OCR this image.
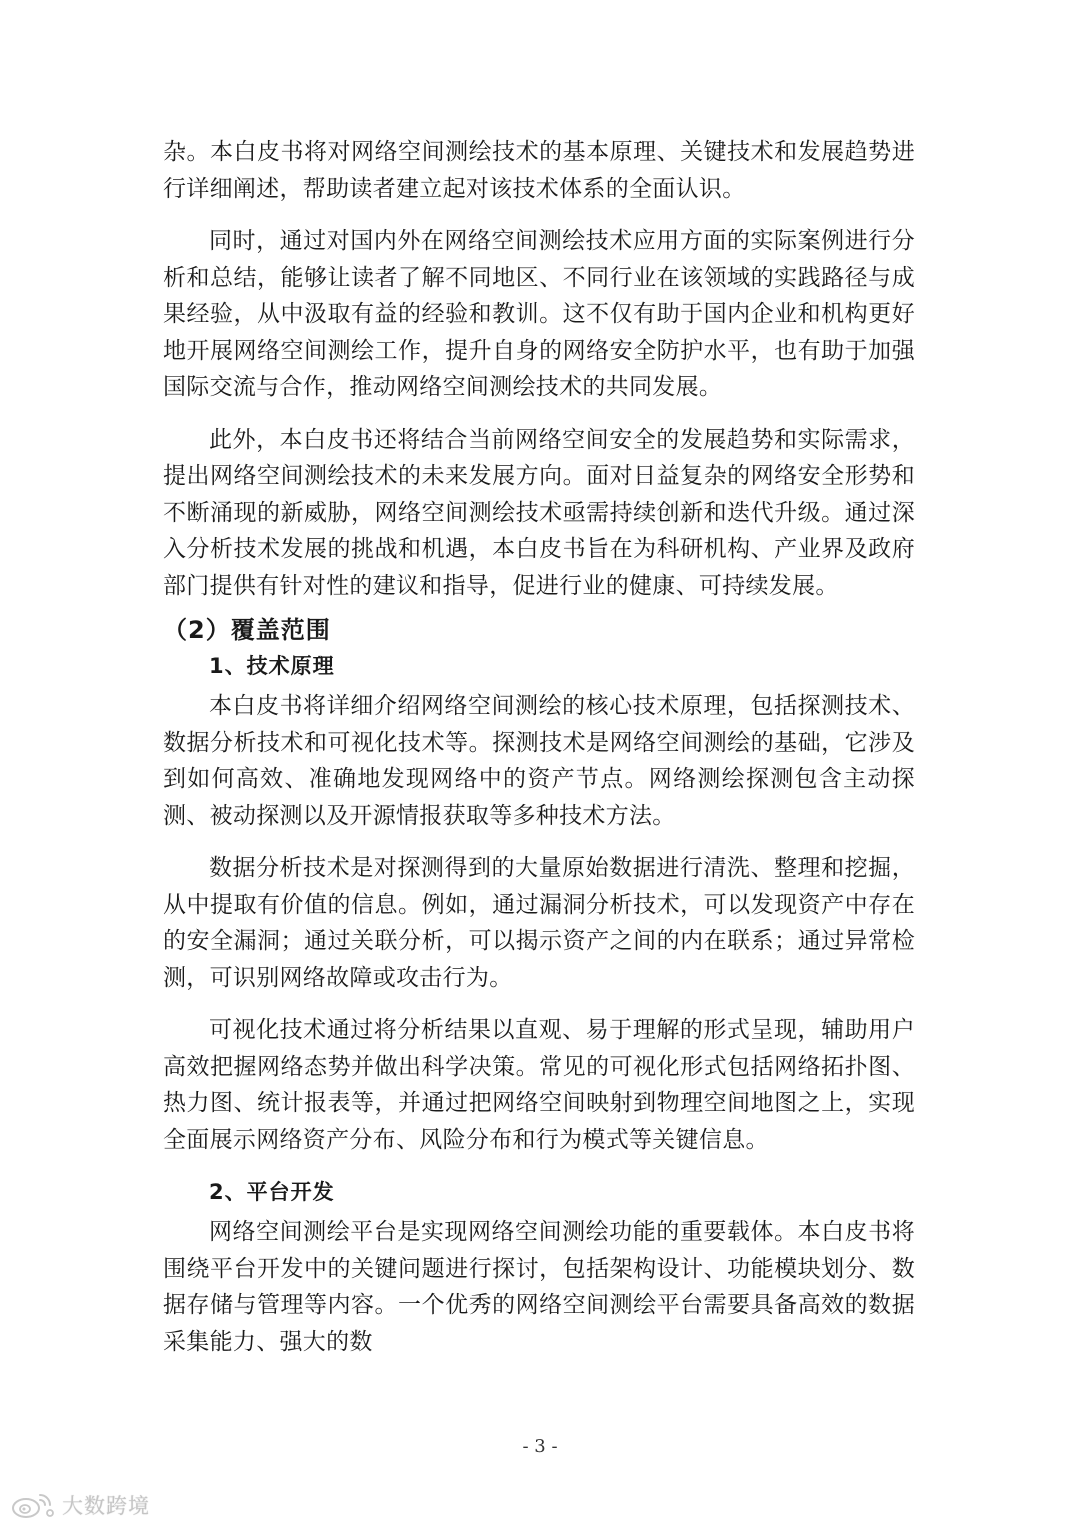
杂。本白皮书将对网络空间测绘技术的基本原理、关键技术和发展趋势进行详细阐述，帮助读者建立起对该技术体系的全面认识。

同时，通过对国内外在网络空间测绘技术应用方面的实际案例进行分析和总结，能够让读者了解不同地区、不同行业在该领域的实践路径与成果经验，从中汲取有益的经验和教训。这不仅有助于国内企业和机构更好地开展网络空间测绘工作，提升自身的网络安全防护水平，也有助于加强国际交流与合作，推动网络空间测绘技术的共同发展。

此外，本白皮书还将结合当前网络空间安全的发展趋势和实际需求，提出网络空间测绘技术的未来发展方向。面对日益复杂的网络安全形势和不断涌现的新威胁，网络空间测绘技术亟需持续创新和迭代升级。通过深入分析技术发展的挑战和机遇，本白皮书旨在为科研机构、产业界及政府部门提供有针对性的建议和指导，促进行业的健康、可持续发展。

（2）覆盖范围
1、技术原理

本白皮书将详细介绍网络空间测绘的核心技术原理，包括探测技术、数据分析技术和可视化技术等。探测技术是网络空间测绘的基础，它涉及到如何高效、准确地发现网络中的资产节点。网络测绘探测包含主动探测、被动探测以及开源情报获取等多种技术方法。

数据分析技术是对探测得到的大量原始数据进行清洗、整理和挖掘，从中提取有价值的信息。例如，通过漏洞分析技术，可以发现资产中存在的安全漏洞；通过关联分析，可以揭示资产之间的内在联系；通过异常检测，可识别网络故障或攻击行为。

可视化技术通过将分析结果以直观、易于理解的形式呈现，辅助用户高效把握网络态势并做出科学决策。常见的可视化形式包括网络拓扑图、热力图、统计报表等，并通过把网络空间映射到物理空间地图之上，实现全面展示网络资产分布、风险分布和行为模式等关键信息。

2、平台开发

网络空间测绘平台是实现网络空间测绘功能的重要载体。本白皮书将围绕平台开发中的关键问题进行探讨，包括架构设计、功能模块划分、数据存储与管理等内容。一个优秀的网络空间测绘平台需要具备高效的数据采集能力、强大的数

- 3 -
大数跨境
